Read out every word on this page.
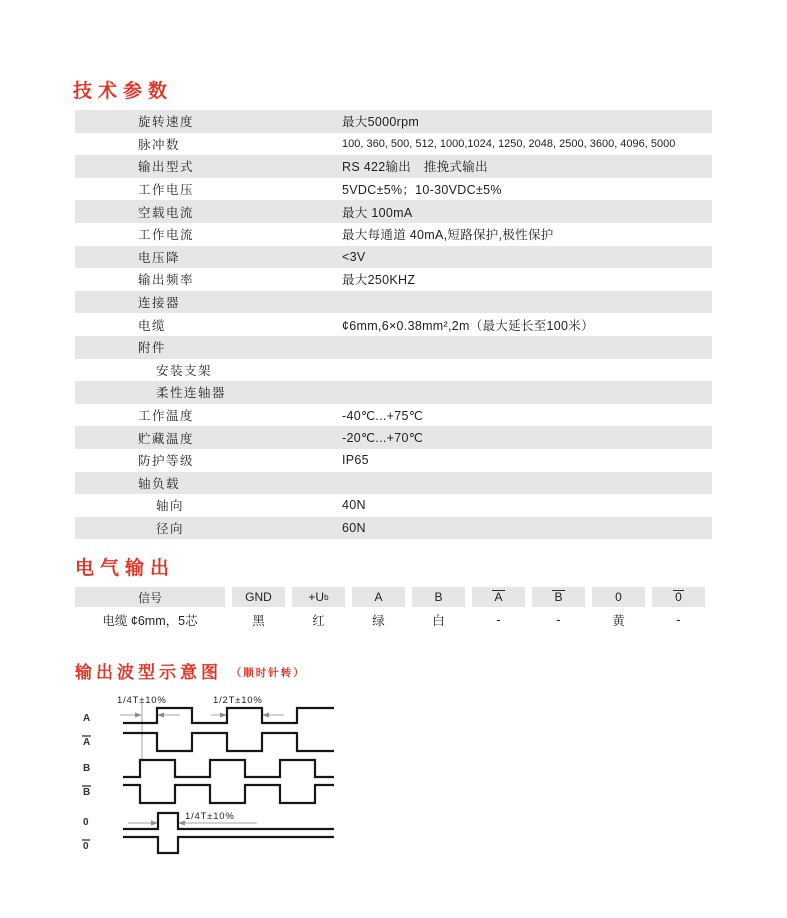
技术参数
旋转速度	最大5000rpm
脉冲数	100, 360, 500, 512, 1000,1024, 1250, 2048, 2500, 3600, 4096, 5000
输出型式	RS 422输出　推挽式输出
工作电压	5VDC±5%；10-30VDC±5%
空载电流	最大 100mA
工作电流	最大每通道 40mA,短路保护,极性保护
电压降	<3V
输出频率	最大250KHZ
连接器
电缆	¢6mm,6×0.38mm²,2m（最大延长至100米）
附件
安装支架
柔性连轴器
工作温度	-40℃...+75℃
贮藏温度	-20℃...+70℃
防护等级	IP65
轴负载
轴向	40N
径向	60N
电气输出
信号	GND	+U b	A	B	A	B	0	0
电缆 ¢6mm，5芯	黑	红	绿	白	-	-	黄	-
输出波型示意图 （顺时针转）
A
A
B
B
0
0
1/4T±10%	1/2T±10%
1/4T±10%
